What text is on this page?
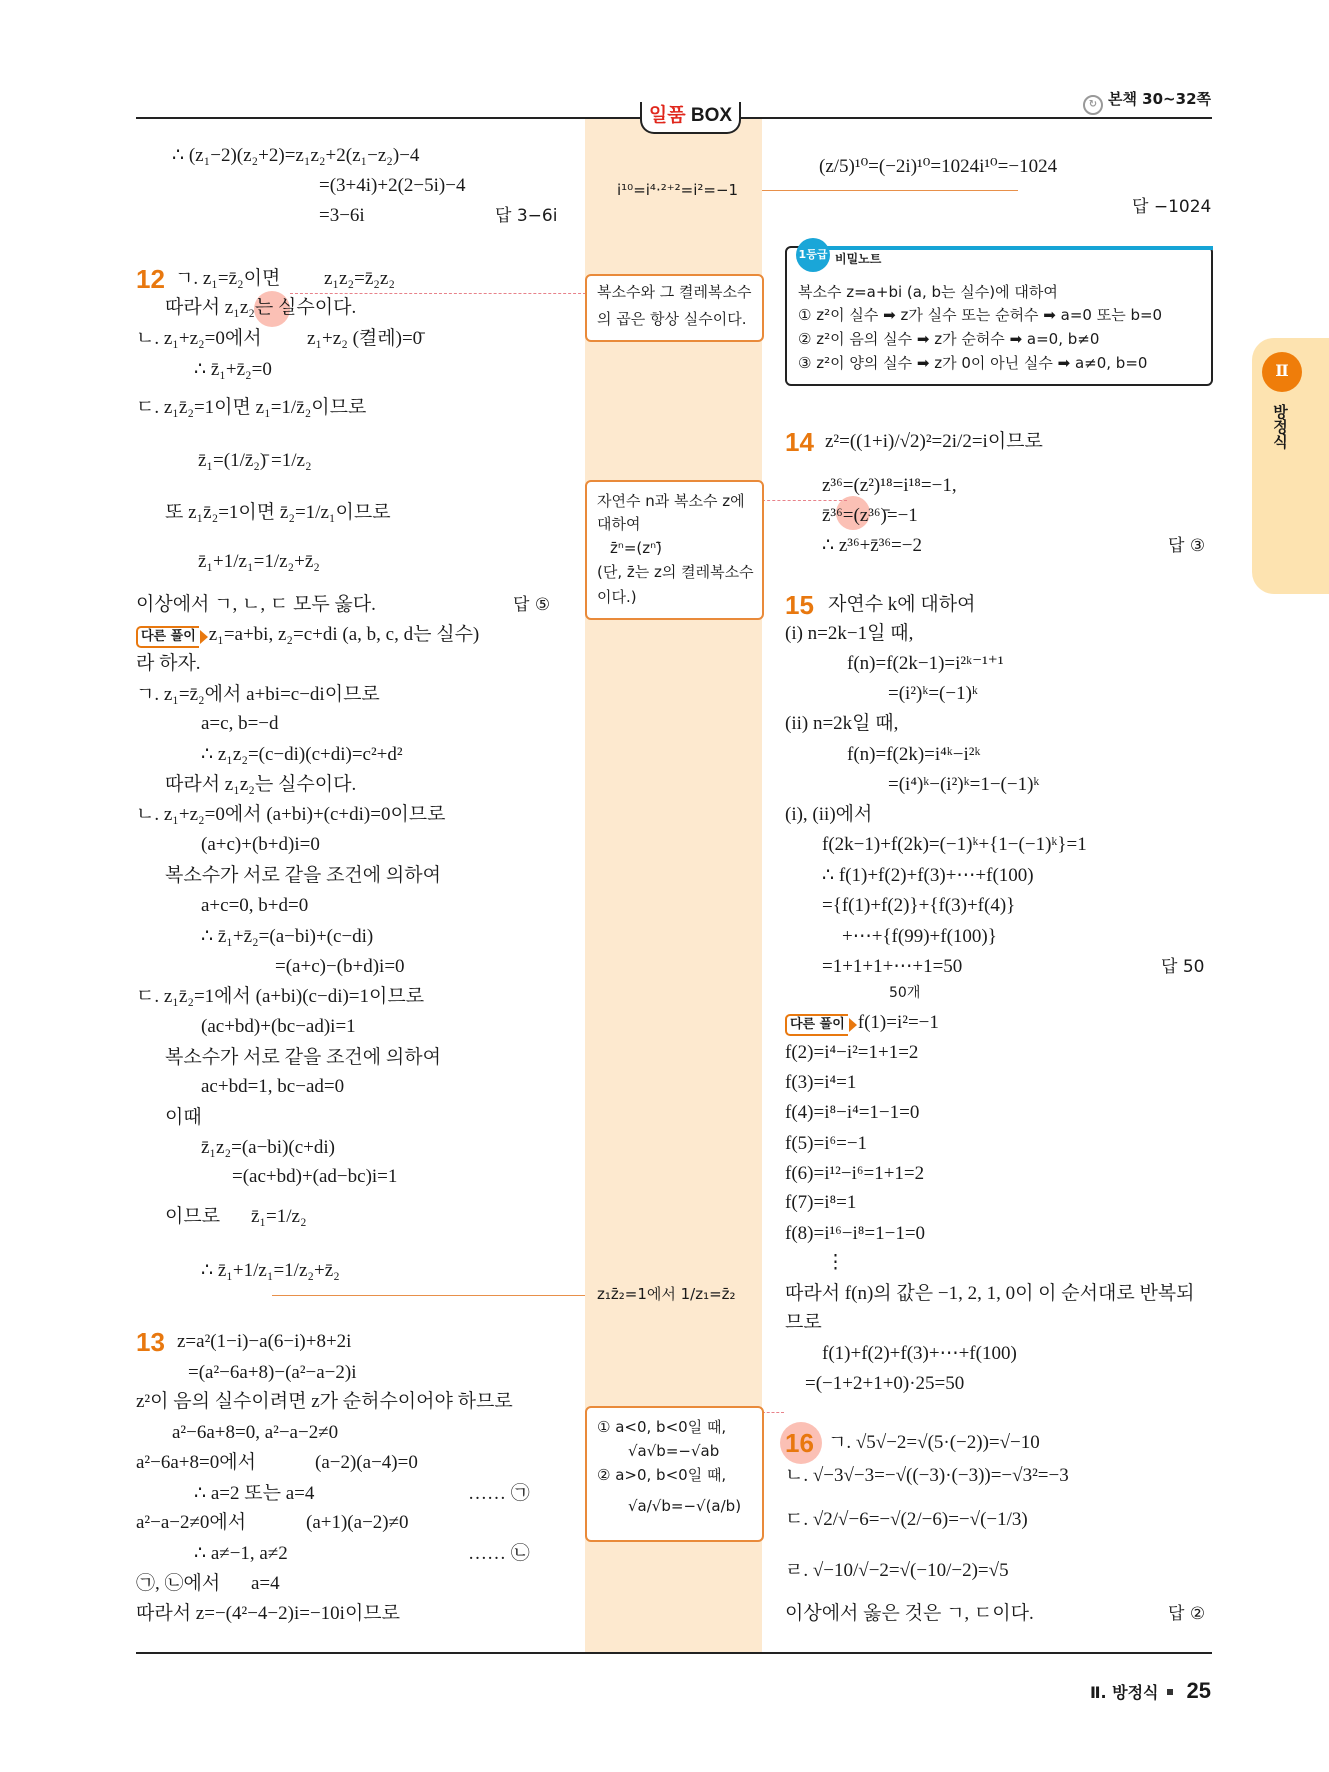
일품 BOX
↻ 본책 30~32쪽
Ⅱ
방정식
1등급 비밀노트
∴ (z₁−2)(z₂+2)=z₁z₂+2(z₁−z₂)−4
=(3+4i)+2(2−5i)−4
=3−6i	답 3−6i
12 ㄱ. z₁=z̄₂이면 z₁z₂=z̄₂z₂
따라서 z₁z₂는 실수이다.
ㄴ. z₁+z₂=0에서 z₁+z₂ (켤레)=0̄
∴ z̄₁+z̄₂=0
ㄷ. z₁z̄₂=1이면 z₁=1/z̄₂이므로
z̄₁=(1/z̄₂)̄ =1/z₂
또 z₁z̄₂=1이면 z̄₂=1/z₁이므로
z̄₁+1/z₁=1/z₂+z̄₂
이상에서 ㄱ, ㄴ, ㄷ 모두 옳다.	답 ⑤
다른 풀이 z₁=a+bi, z₂=c+di (a, b, c, d는 실수)
라 하자.
ㄱ. z₁=z̄₂에서 a+bi=c−di이므로
a=c, b=−d
∴ z₁z₂=(c−di)(c+di)=c²+d²
따라서 z₁z₂는 실수이다.
ㄴ. z₁+z₂=0에서 (a+bi)+(c+di)=0이므로
(a+c)+(b+d)i=0
복소수가 서로 같을 조건에 의하여
a+c=0, b+d=0
∴ z̄₁+z̄₂=(a−bi)+(c−di)
=(a+c)−(b+d)i=0
ㄷ. z₁z̄₂=1에서 (a+bi)(c−di)=1이므로
(ac+bd)+(bc−ad)i=1
복소수가 서로 같을 조건에 의하여
ac+bd=1, bc−ad=0
이때
z̄₁z₂=(a−bi)(c+di)
=(ac+bd)+(ad−bc)i=1
이므로 z̄₁=1/z₂
∴ z̄₁+1/z₁=1/z₂+z̄₂
13 z=a²(1−i)−a(6−i)+8+2i
=(a²−6a+8)−(a²−a−2)i
z²이 음의 실수이려면 z가 순허수이어야 하므로
a²−6a+8=0, a²−a−2≠0
a²−6a+8=0에서	(a−2)(a−4)=0
∴ a=2 또는 a=4	…… ㉠
a²−a−2≠0에서	(a+1)(a−2)≠0
∴ a≠−1, a≠2	…… ㉡
㉠, ㉡에서 a=4
따라서 z=−(4²−4−2)i=−10i이므로
(z/5)¹⁰=(−2i)¹⁰=1024i¹⁰=−1024
답 −1024
14 z²=((1+i)/√2)²=2i/2=i이므로
z³⁶=(z²)¹⁸=i¹⁸=−1,
z̄³⁶=(z³⁶)̄=−1
∴ z³⁶+z̄³⁶=−2	답 ③
15 자연수 k에 대하여
(i) n=2k−1일 때,
f(n)=f(2k−1)=i²ᵏ⁻¹⁺¹
=(i²)ᵏ=(−1)ᵏ
(ii) n=2k일 때,
f(n)=f(2k)=i⁴ᵏ−i²ᵏ
=(i⁴)ᵏ−(i²)ᵏ=1−(−1)ᵏ
(i), (ii)에서
f(2k−1)+f(2k)=(−1)ᵏ+{1−(−1)ᵏ}=1
∴ f(1)+f(2)+f(3)+⋯+f(100)
={f(1)+f(2)}+{f(3)+f(4)}
+⋯+{f(99)+f(100)}
=1+1+1+⋯+1=50	답 50
50개
다른 풀이 f(1)=i²=−1
f(2)=i⁴−i²=1+1=2
f(3)=i⁴=1
f(4)=i⁸−i⁴=1−1=0
f(5)=i⁶=−1
f(6)=i¹²−i⁶=1+1=2
f(7)=i⁸=1
f(8)=i¹⁶−i⁸=1−1=0
⋮
따라서 f(n)의 값은 −1, 2, 1, 0이 이 순서대로 반복되
므로
f(1)+f(2)+f(3)+⋯+f(100)
=(−1+2+1+0)·25=50
16 ㄱ. √5√−2=√(5·(−2))=√−10
ㄴ. √−3√−3=−√((−3)·(−3))=−√3²=−3
ㄷ. √2/√−6=−√(2/−6)=−√(−1/3)
ㄹ. √−10/√−2=√(−10/−2)=√5
이상에서 옳은 것은 ㄱ, ㄷ이다.	답 ②
복소수 z=a+bi (a, b는 실수)에 대하여
① z²이 실수 ➡ z가 실수 또는 순허수 ➡ a=0 또는 b=0
② z²이 음의 실수 ➡ z가 순허수 ➡ a=0, b≠0
③ z²이 양의 실수 ➡ z가 0이 아닌 실수 ➡ a≠0, b=0
i¹⁰=i⁴·²⁺²=i²=−1
복소수와 그 켤레복소수
의 곱은 항상 실수이다.
자연수 n과 복소수 z에
대하여
z̄ⁿ=(zⁿ)̄
(단, z̄는 z의 켤레복소수
이다.)
z₁z̄₂=1에서 1/z₁=z̄₂
① a<0, b<0일 때,
√a√b=−√ab
② a>0, b<0일 때,
√a/√b=−√(a/b)
Ⅱ. 방정식 25
